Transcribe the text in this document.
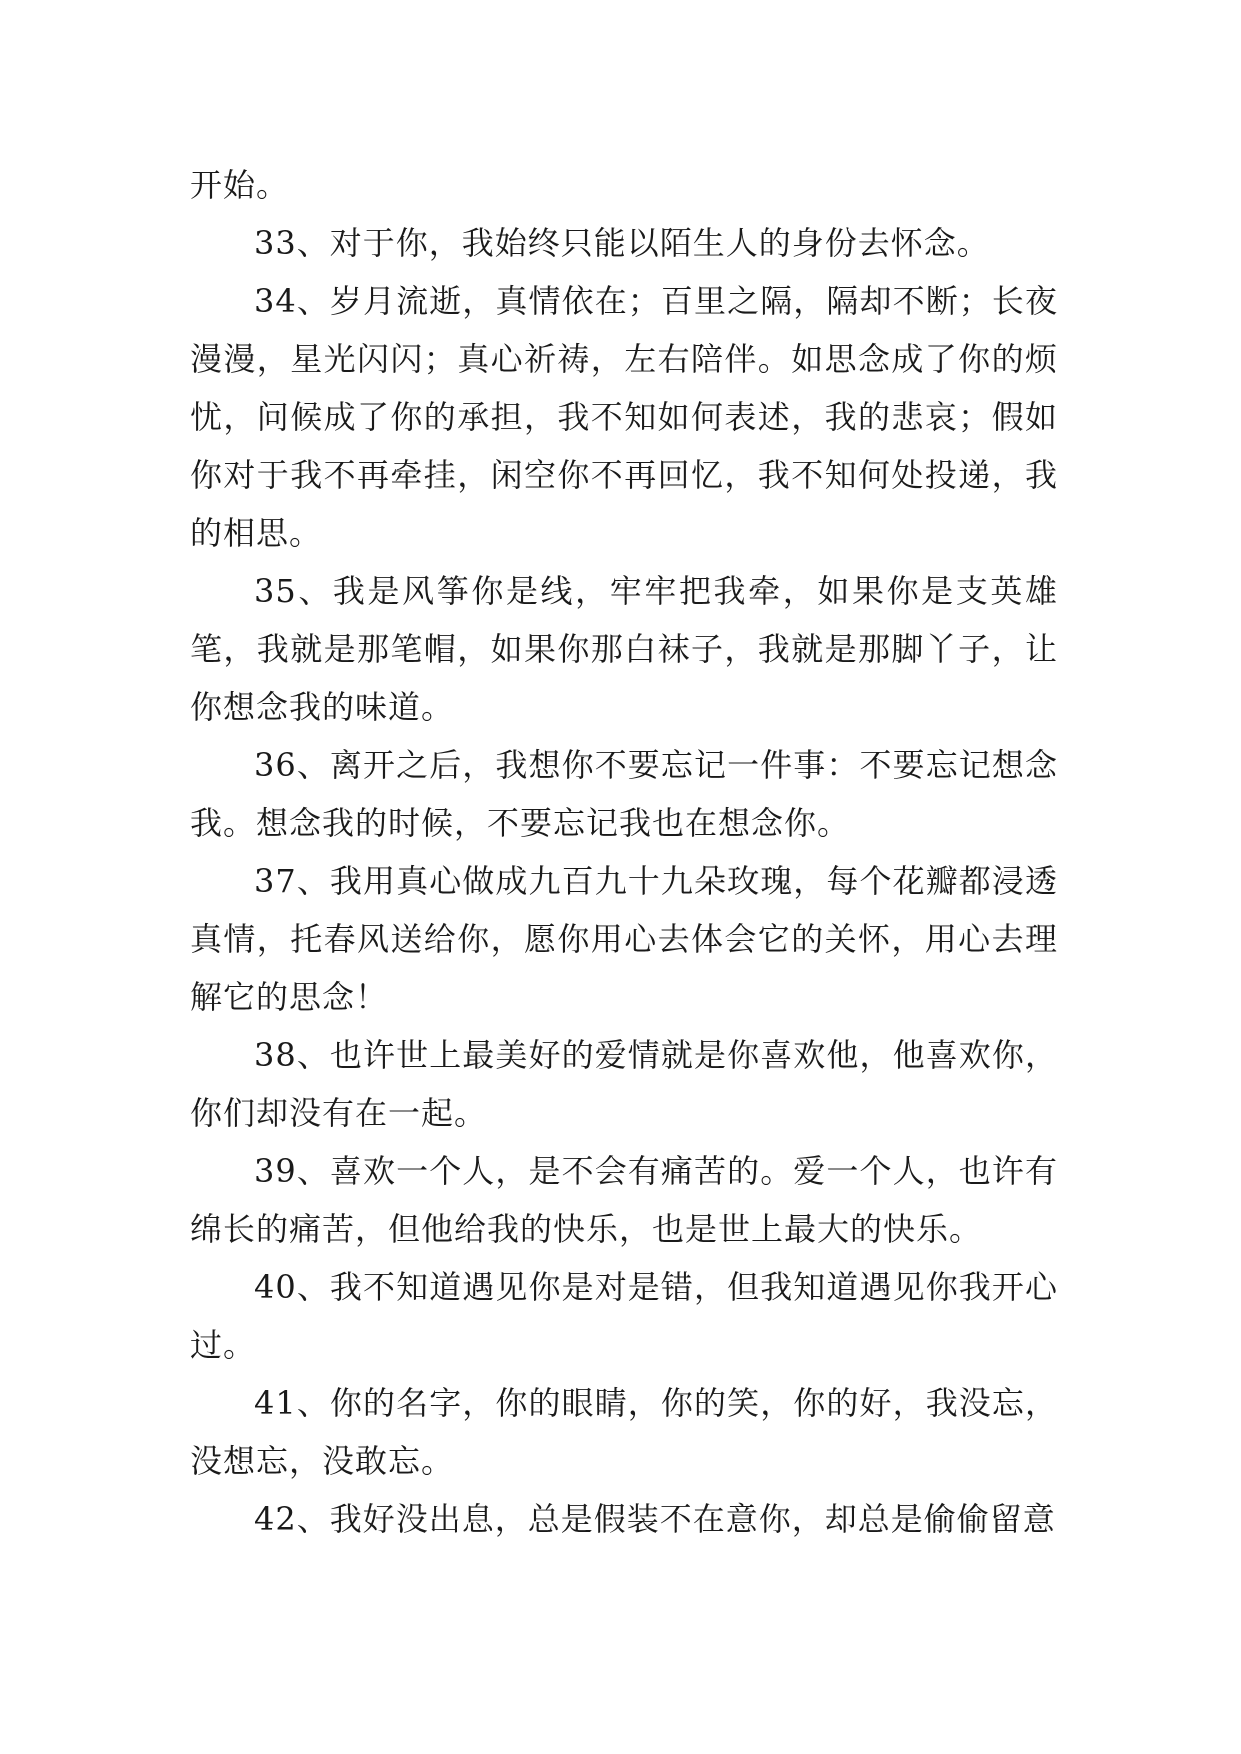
开始。

33、对于你，我始终只能以陌生人的身份去怀念。

34、岁月流逝，真情依在；百里之隔，隔却不断；长夜漫漫，星光闪闪；真心祈祷，左右陪伴。如思念成了你的烦忧，问候成了你的承担，我不知如何表述，我的悲哀；假如你对于我不再牵挂，闲空你不再回忆，我不知何处投递，我的相思。

35、我是风筝你是线，牢牢把我牵，如果你是支英雄笔，我就是那笔帽，如果你那白袜子，我就是那脚丫子，让你想念我的味道。

36、离开之后，我想你不要忘记一件事：不要忘记想念我。想念我的时候，不要忘记我也在想念你。

37、我用真心做成九百九十九朵玫瑰，每个花瓣都浸透真情，托春风送给你，愿你用心去体会它的关怀，用心去理解它的思念！

38、也许世上最美好的爱情就是你喜欢他，他喜欢你，你们却没有在一起。

39、喜欢一个人，是不会有痛苦的。爱一个人，也许有绵长的痛苦，但他给我的快乐，也是世上最大的快乐。

40、我不知道遇见你是对是错，但我知道遇见你我开心过。

41、你的名字，你的眼睛，你的笑，你的好，我没忘，没想忘，没敢忘。

42、我好没出息，总是假装不在意你，却总是偷偷留意
